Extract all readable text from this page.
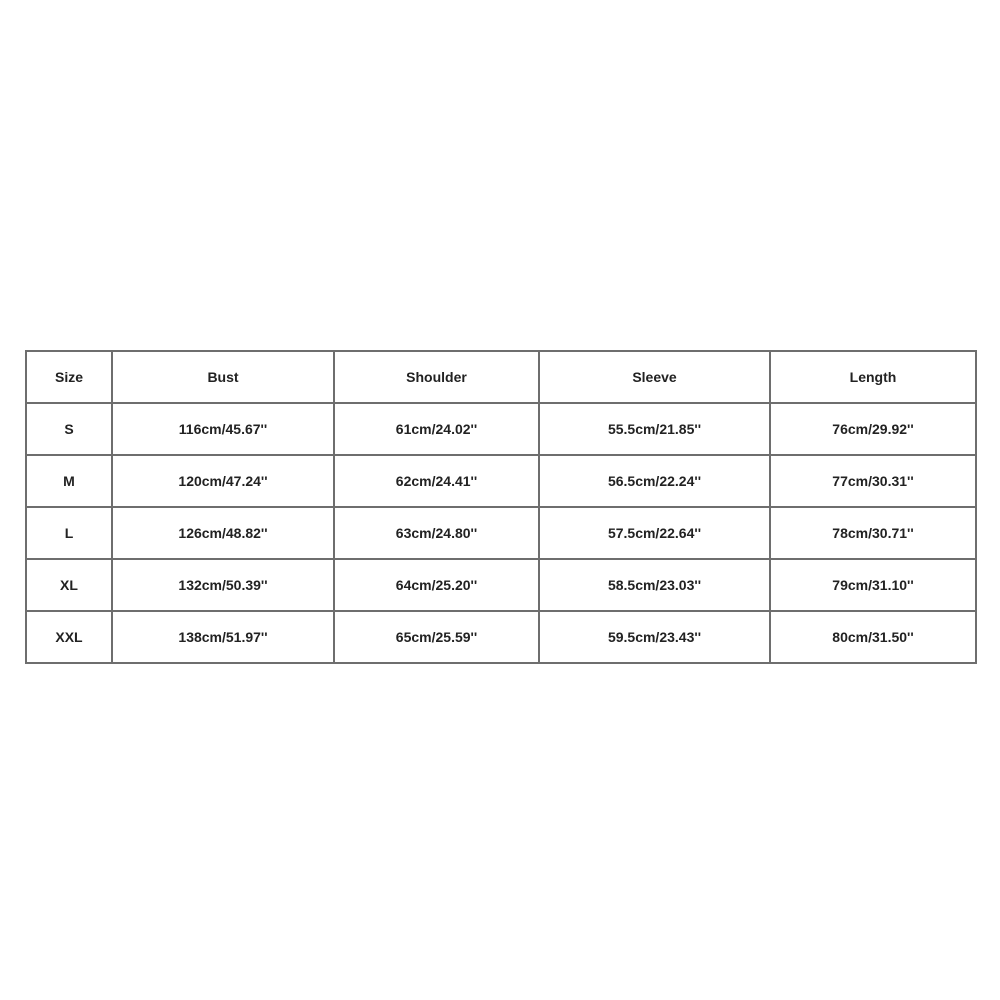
Size	Bust	Shoulder	Sleeve	Length
S	116cm/45.67''	61cm/24.02''	55.5cm/21.85''	76cm/29.92''
M	120cm/47.24''	62cm/24.41''	56.5cm/22.24''	77cm/30.31''
L	126cm/48.82''	63cm/24.80''	57.5cm/22.64''	78cm/30.71''
XL	132cm/50.39''	64cm/25.20''	58.5cm/23.03''	79cm/31.10''
XXL	138cm/51.97''	65cm/25.59''	59.5cm/23.43''	80cm/31.50''
